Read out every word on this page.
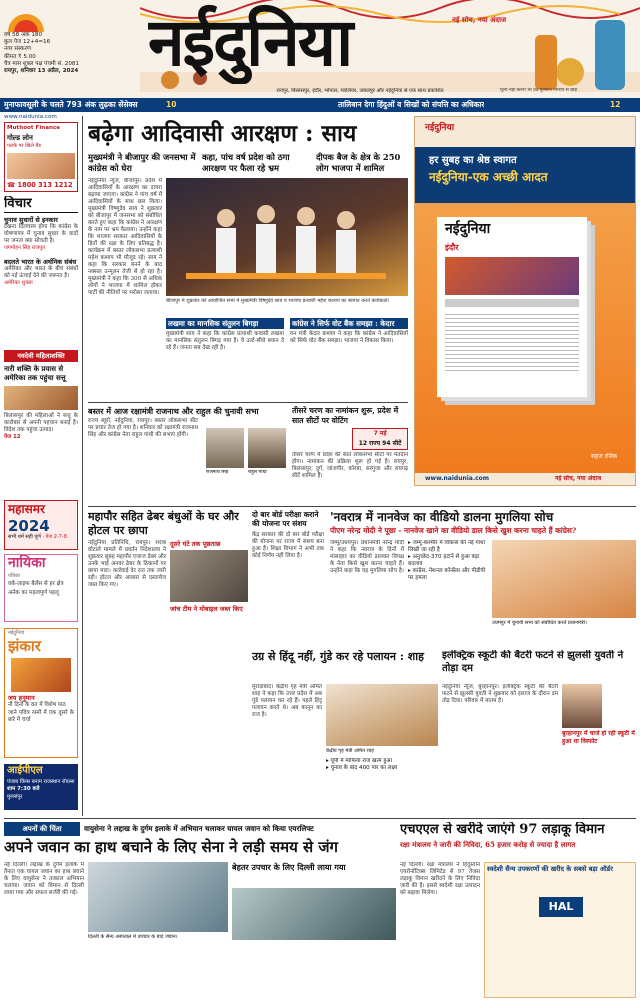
वर्ष 58 अंक 180
कुल पेज 12+4=16
नगर संस्करण
कीमत ₹ 5.00
चैत्र मास शुक्ल पक्ष पंचमी सं. 2081
रायपुर, शनिवार 13 अप्रैल, 2024	नईदुनिया	नई सोच, नया अंदाज
रायपुर, बिलासपुर, इंदौर, भोपाल, ग्वालियर, जबलपुर और नईदुनिया से एक साथ प्रकाशित	मूल्य नहीं करना भी उठ पूर्णरूप नगरीय से छोड़े
मुनाफावसूली के चलते 793 अंक लुढ़का सेंसेक्स	10	तालिबान देगा हिंदुओं व सिखों को संपत्ति का अधिकार	12
www.naidunia.com
Muthoot Finance
गोल्ड लोन
पलके पर खिले बैंड
☎ 1800 313 1212
विचार
चुनाव सुधारों से इनकार
देखना दिलचस्प होगा कि कांग्रेस के घोषणापत्र में चुनाव सुधार के वादों पर जनता क्या सोचती है।
जगमोहन सिंह राजपूत
बदलते भारत के अर्थनिक संबंध
अमेरिका और भारत के बीच संबंधों को नई ऊंचाई देने की जरूरत है।
अमेरिका शुक्ला
नवदेवी महिलाशक्ति
नारी शक्ति के प्रयास से अमेरिका तक पहुंचा सत्तू
बिलासपुर की महिलाओं ने सत्तू के कारोबार से अपनी पहचान बनाई है। विदेश तक पहुंचा उत्पाद।
पेज 12
महासमर
2024
सभी धर्म सही पूर्ण · पेज 2-7-8
नायिका
पत्रिका
वर्क-लाइफ बैलेंस से हर क्षेत्र
अनेक का महत्वपूर्ण पहलू
नईदुनिया
झंकार
जय हनुमान
नौ दिनों के व्रत में विशेष पाठ
जाने पवित्र रस्मों में एक दूसरे के बारे में चर्चा
आईपीएल
पंजाब किंग्स बनाम राजस्थान रॉयल्स
शाम 7:30 बजे
मुल्लांपुर
बढ़ेगा आदिवासी आरक्षण : साय
मुख्यमंत्री ने बीजापुर की जनसभा में कांग्रेस को घेरा
कहा, पांच वर्ष प्रदेश को ठगा आरक्षण पर फैला रहे भ्रम
दीपक बैज के क्षेत्र के 250 लोग भाजपा में शामिल
नईदुनिया न्यूज, बीजापुर। प्रदेश में आदिवासियों के आरक्षण का दायरा बढ़ाया जाएगा। कांग्रेस ने पांच वर्ष में आदिवासियों के साथ छल किया। मुख्यमंत्री विष्णुदेव साय ने शुक्रवार को बीजापुर में जनसभा को संबोधित करते हुए कहा कि कांग्रेस ने आरक्षण के नाम पर भ्रम फैलाया। उन्होंने कहा कि भाजपा सरकार आदिवासियों के हितों की रक्षा के लिए प्रतिबद्ध है। कार्यक्रम में बस्तर लोकसभा प्रत्याशी महेश कश्यप भी मौजूद रहे। साय ने कहा कि सरकार बनने के बाद नक्सल उन्मूलन तेजी से हो रहा है। मुख्यमंत्री ने कहा कि 300 से अधिक लोगों ने भाजपा में शामिल होकर पार्टी की नीतियों पर भरोसा जताया।
बीजापुर में शुक्रवार को आयोजित सभा में मुख्यमंत्री विष्णुदेव साय व भाजपा प्रत्याशी महेश कश्यप का स्वागत करते कार्यकर्ता।
लखमा का मानसिक संतुलन बिगड़ा
मुख्यमंत्री साय ने कहा कि कांग्रेस प्रत्याशी कवासी लखमा का मानसिक संतुलन बिगड़ गया है। वे उल्टे-सीधे बयान दे रहे हैं। जनता सब देख रही है।
कांग्रेस ने सिर्फ वोट बैंक समझा : केदार
वन मंत्री केदार कश्यप ने कहा कि कांग्रेस ने आदिवासियों को सिर्फ वोट बैंक समझा। भाजपा ने विकास किया।
बस्तर में आज रक्षामंत्री राजनाथ और राहुल की चुनावी सभा
राज्य ब्यूरो, नईदुनिया, रायपुर। बस्तर लोकसभा सीट पर प्रचार तेज हो गया है। शनिवार को रक्षामंत्री राजनाथ सिंह और कांग्रेस नेता राहुल गांधी की सभाएं होंगी।
राजनाथ सिंह	राहुल गांधी
तीसरे चरण का नामांकन शुरू, प्रदेश में सात सीटों पर वोटिंग
7 मई
12 राज्य 94 सीटें
तीसरे चरण में प्रदेश की सात लोकसभा सीटों पर मतदान होगा। नामांकन की प्रक्रिया शुरू हो गई है। रायपुर, बिलासपुर, दुर्ग, जांजगीर, कोरबा, सरगुजा और रायगढ़ सीटें शामिल हैं।
नईदुनिया
हर सुबह का श्रेष्ठ स्वागत
नईदुनिया-एक अच्छी आदत
नईदुनिया
इंदौर
www.naidunia.com	नई सोच, नया अंदाज
सहज रसिक
महापौर सहित ढेबर बंधुओं के घर और होटल पर छापा
नईदुनिया प्रतिनिधि, रायपुर। शराब घोटाले मामले में प्रवर्तन निदेशालय ने शुक्रवार सुबह महापौर एजाज ढेबर और उनके भाई अनवर ढेबर के ठिकानों पर छापा मारा। कार्रवाई देर रात तक जारी रही। होटल और आवास से दस्तावेज जब्त किए गए।
दूसरे घंटे तक पूछताछ
जांच टीम ने मोबाइल जब्त किए
दो बार बोर्ड परीक्षा कराने की योजना पर संशय
केंद्र सरकार की दो बार बोर्ड परीक्षा की योजना पर राज्य में संशय बना हुआ है। शिक्षा विभाग ने अभी तक कोई निर्णय नहीं लिया है।
'नवरात्र में नानवेज का वीडियो डालना मुगलिया सोच
पीएम नरेन्द्र मोदी ने पूछा - नानवेज खाने का वीडियो डाल किसे खुश करना चाहते हैं कांग्रेस?
जम्मू/उधमपुर। प्रधानमंत्री नरेन्द्र मोदी ने कहा कि नवरात्र के दिनों में मांसाहार का वीडियो डालकर विपक्ष के नेता किसे खुश करना चाहते हैं। उन्होंने कहा कि यह मुगलिया सोच है।
▸ जम्मू-कश्मीर में विकास की नई गाथा लिखी जा रही है
▸ अनुच्छेद-370 हटाने से हुआ बड़ा बदलाव
▸ कांग्रेस, नेशनल कॉन्फ्रेंस और पीडीपी पर हमला
उधमपुर में चुनावी सभा को संबोधित करते प्रधानमंत्री।
उग्र से हिंदू नहीं, गुंडे कर रहे पलायन : शाह
मुरादाबाद। केंद्रीय गृह मंत्री अमित शाह ने कहा कि उत्तर प्रदेश में अब गुंडे पलायन कर रहे हैं। पहले हिंदू पलायन करते थे। अब कानून का राज है।
केंद्रीय गृह मंत्री अमित शाह
▸ यूपी में माफिया राज खत्म हुआ
▸ चुनाव के बाद 400 पार का लक्ष्य
इलेक्ट्रिक स्कूटी की बैटरी फटने से झुलसी युवती ने तोड़ा दम
नईदुनिया न्यूज, बुरहानपुर। इलेक्ट्रिक स्कूटी की बैटरी फटने से झुलसी युवती ने शुक्रवार को इलाज के दौरान दम तोड़ दिया। परिवार में मातम है।
बुरहानपुर में चार्ज हो रही स्कूटी में हुआ था विस्फोट
अपनों की चिंता	वायुसेना ने लद्दाख के दुर्गम इलाके में अभियान चलाकर घायल जवान को किया एयरलिफ्ट
अपने जवान का हाथ बचाने के लिए सेना ने लड़ी समय से जंग
नई दिल्ली। लद्दाख के दुर्गम इलाके में तैनात एक घायल जवान का हाथ बचाने के लिए वायुसेना ने तत्काल अभियान चलाया। जवान को विमान से दिल्ली लाया गया और सफल सर्जरी की गई।
दिल्ली के सैन्य अस्पताल में उपचार के बाद जवान।
बेहतर उपचार के लिए दिल्ली लाया गया
एचएएल से खरीदे जाएंगे 97 लड़ाकू विमान
रक्षा मंत्रालय ने जारी की निविदा, 65 हजार करोड़ से ज्यादा है लागत
नई दिल्ली। रक्षा मंत्रालय ने हिंदुस्तान एयरोनॉटिक्स लिमिटेड से 97 तेजस लड़ाकू विमान खरीदने के लिए निविदा जारी की है। इससे स्वदेशी रक्षा उत्पादन को बढ़ावा मिलेगा।
स्वदेशी सैन्य उपकरणों की खरीद के सबसे बड़ा ऑर्डर
HAL
